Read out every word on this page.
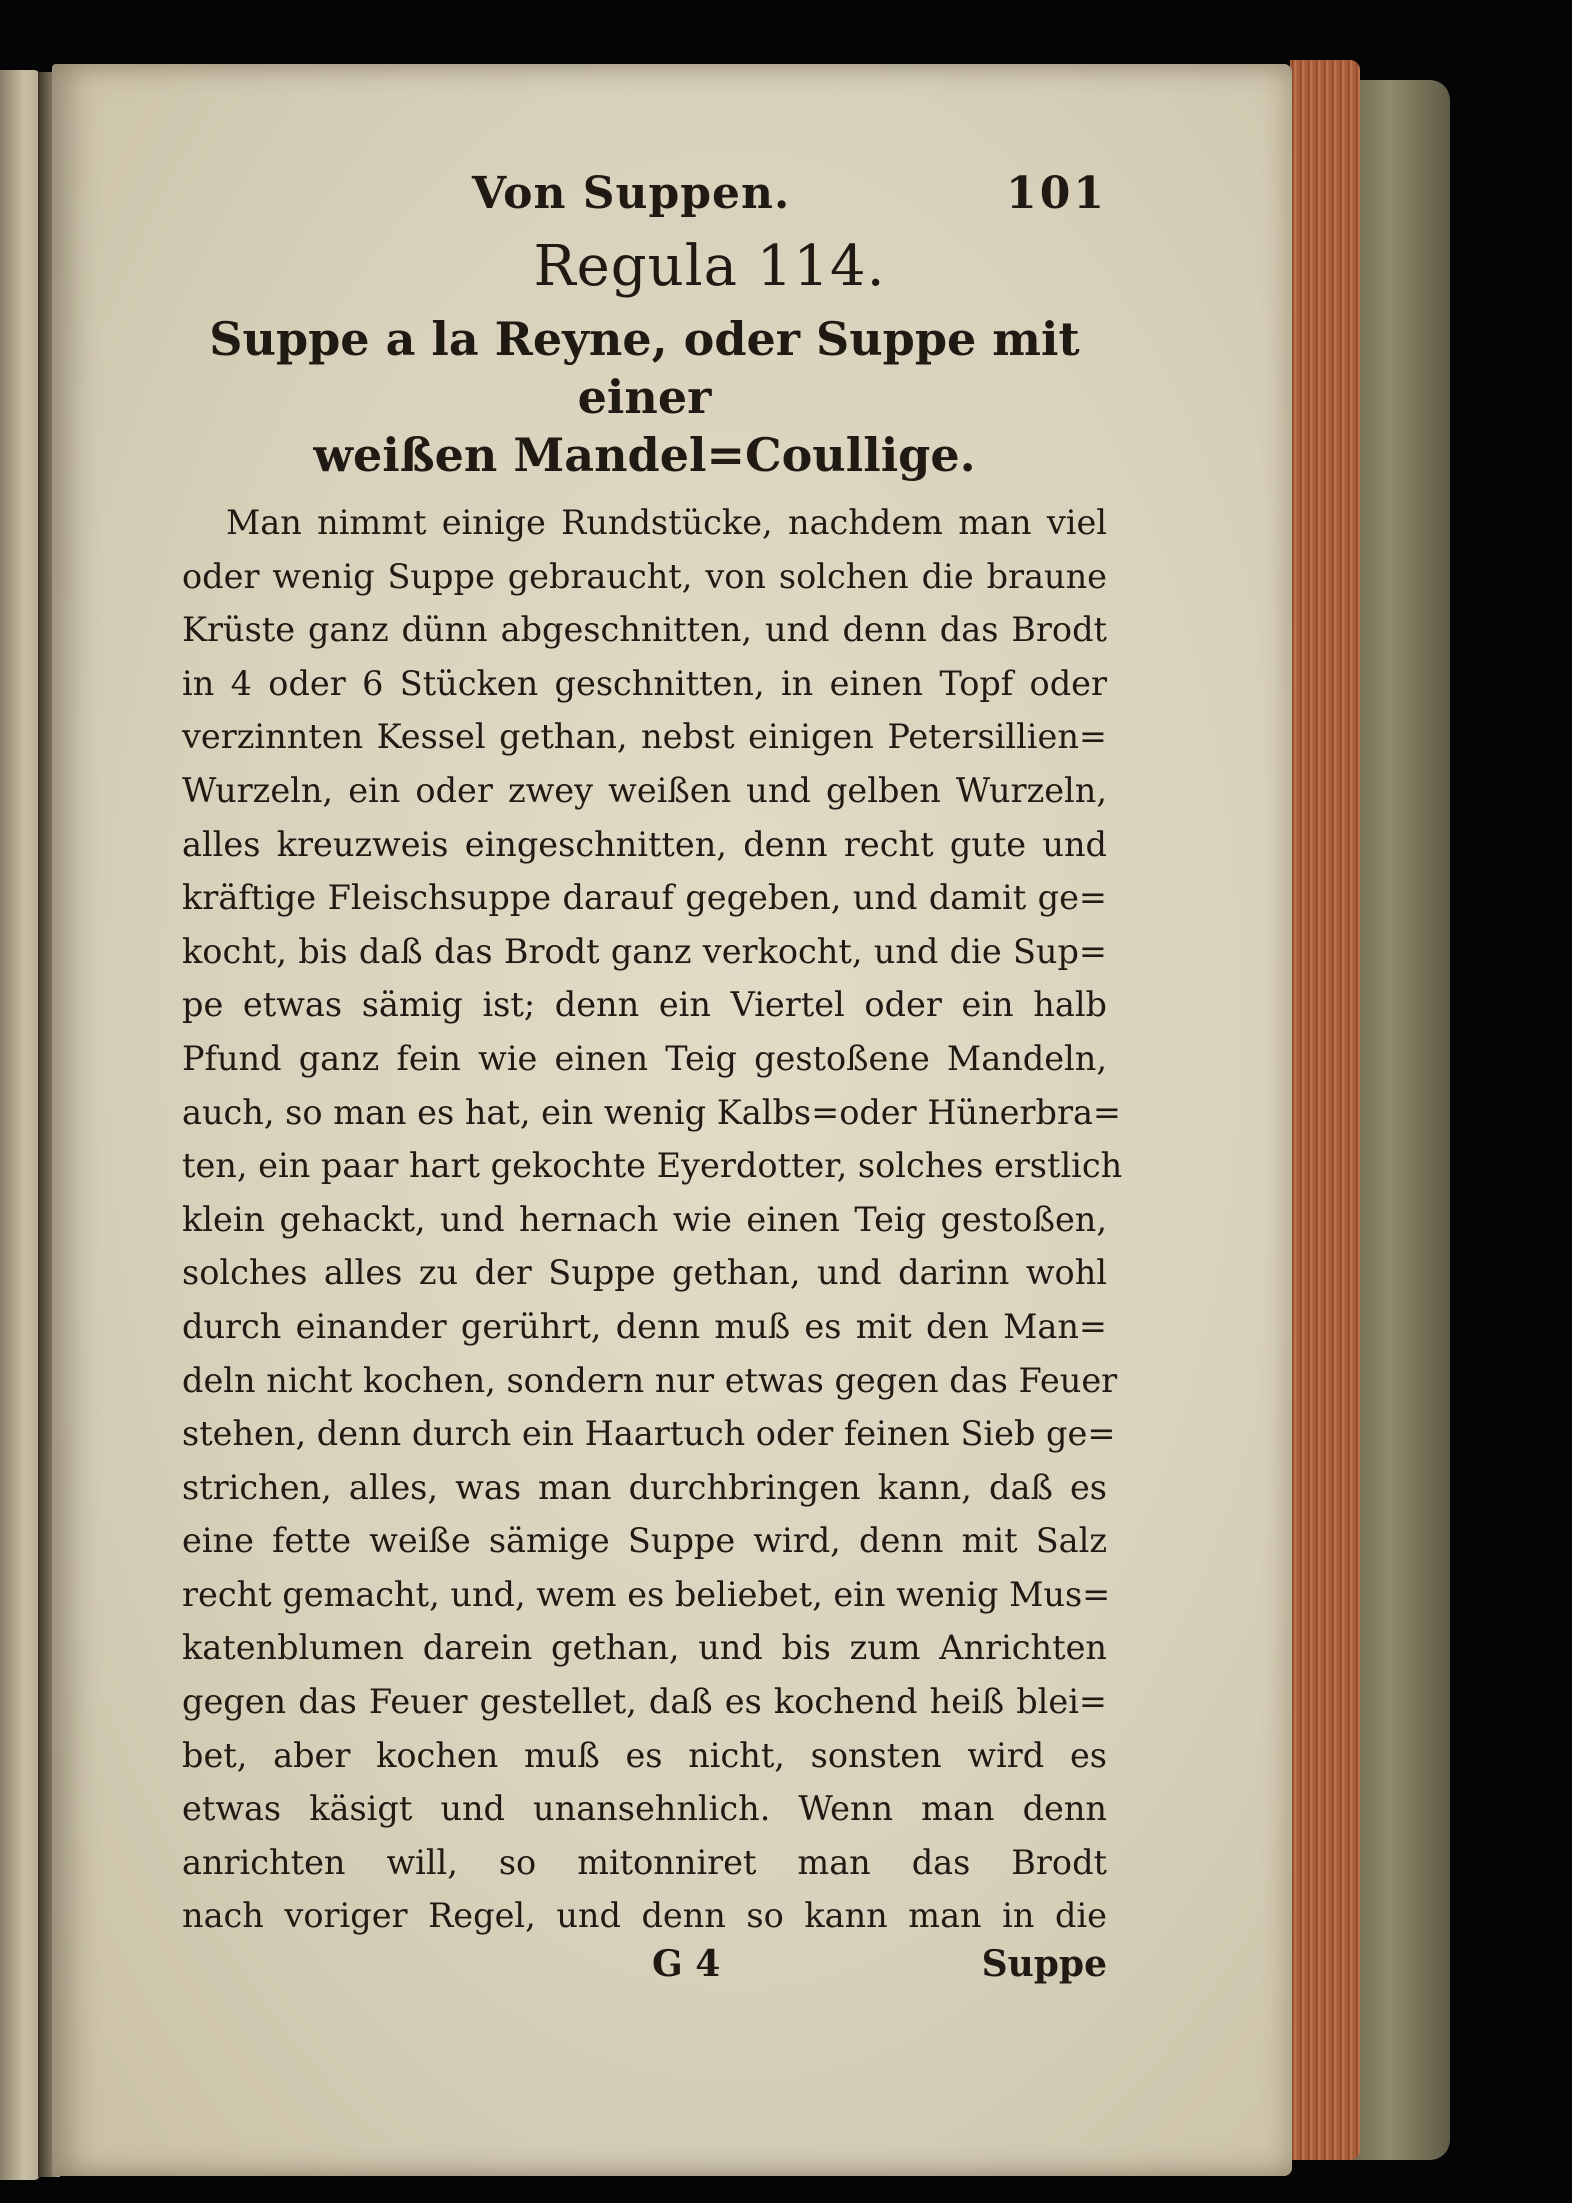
Von Suppen.	101
Regula 114.
Suppe a la Reyne, oder Suppe mit einer
weißen Mandel=Coullige.
Man nimmt einige Rundstücke, nachdem man viel
oder wenig Suppe gebraucht, von solchen die braune
Krüste ganz dünn abgeschnitten, und denn das Brodt
in 4 oder 6 Stücken geschnitten, in einen Topf oder
verzinnten Kessel gethan, nebst einigen Petersillien=
Wurzeln, ein oder zwey weißen und gelben Wurzeln,
alles kreuzweis eingeschnitten, denn recht gute und
kräftige Fleischsuppe darauf gegeben, und damit ge=
kocht, bis daß das Brodt ganz verkocht, und die Sup=
pe etwas sämig ist; denn ein Viertel oder ein halb
Pfund ganz fein wie einen Teig gestoßene Mandeln,
auch, so man es hat, ein wenig Kalbs=oder Hünerbra=
ten, ein paar hart gekochte Eyerdotter, solches erstlich
klein gehackt, und hernach wie einen Teig gestoßen,
solches alles zu der Suppe gethan, und darinn wohl
durch einander gerührt, denn muß es mit den Man=
deln nicht kochen, sondern nur etwas gegen das Feuer
stehen, denn durch ein Haartuch oder feinen Sieb ge=
strichen, alles, was man durchbringen kann, daß es
eine fette weiße sämige Suppe wird, denn mit Salz
recht gemacht, und, wem es beliebet, ein wenig Mus=
katenblumen darein gethan, und bis zum Anrichten
gegen das Feuer gestellet, daß es kochend heiß blei=
bet, aber kochen muß es nicht, sonsten wird es
etwas käsigt und unansehnlich. Wenn man denn
anrichten will, so mitonniret man das Brodt
nach voriger Regel, und denn so kann man in die
G 4	Suppe
